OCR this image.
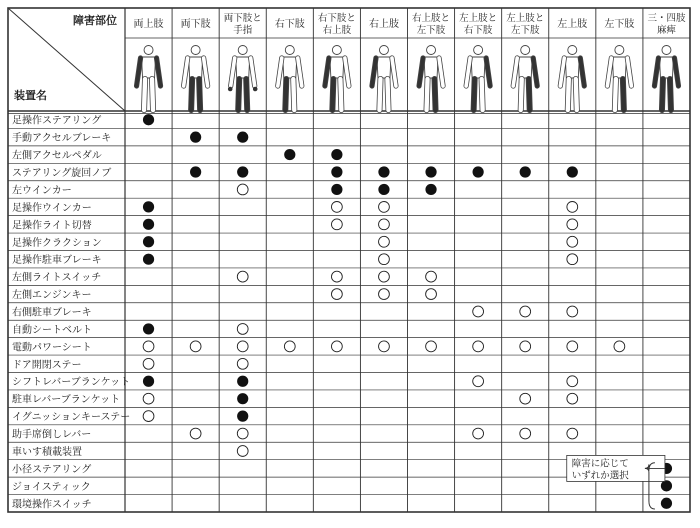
障害部位
装置名
両上肢 両下肢
両下肢と
手指
右下肢
右下肢と
右上肢
右上肢
右上肢と
左下肢
左上肢と
右下肢
左上肢と
左下肢
左上肢 左下肢
三・四肢
麻痺
足操作ステアリング
手動アクセルブレーキ
左側アクセルペダル
ステアリング旋回ノブ
左ウインカー
足操作ウインカー
足操作ライト切替
足操作クラクション
足操作駐車ブレーキ
左側ライトスイッチ
左側エンジンキー
右側駐車ブレーキ
自動シートベルト
電動パワーシート
ドア開閉ステー
シフトレバーブランケット
駐車レバーブランケット
イグニッションキーステー
助手席倒しレバー
車いす積載装置
小径ステアリング
ジョイスティック
環境操作スイッチ
障害に応じて
いずれか選択
